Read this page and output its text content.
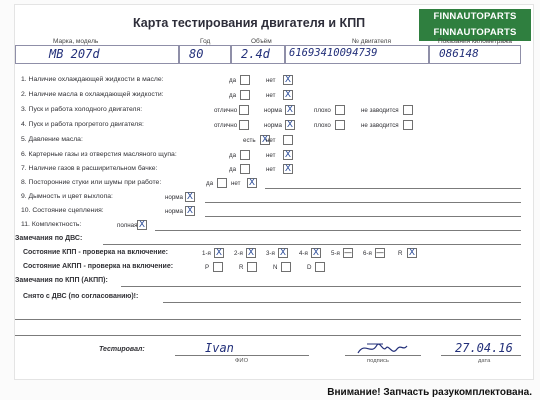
Карта тестирования двигателя и КПП	FINNAUTOPARTS
FINNAUTOPARTS
Марка, модель	Год	Объём	№ двигателя	Показания километража
MB 207d	80	2.4d 61693410094739	086148
1. Наличие охлаждающей жидкости в масле:	да	нет X
2. Наличие масла в охлаждающей жидкости:	да	нет X
3. Пуск и работа холодного двигателя:	отлично	норма X	плохо	не заводится
4. Пуск и работа прогретого двигателя:	отлично	норма X	плохо	не заводится
5. Давление масла:	есть X
нет
6. Картерные газы из отверстия масляного щупа:	да	нет X
7. Наличие газов в расширительном бачке:	да	нет X
8. Посторонние стуки или шумы при работе:	да	нет X
9. Дымность и цвет выхлопа:	норма X
10. Состояние сцепления:	норма X
11. Комплектность:	полная X
Замечания по ДВС:
Состояние КПП - проверка на включение:	1-я X	2-я X	3-я X	4-я X	5-я — 6-я — R X
Состояние АКПП - проверка на включение:	P	R	N	D
Замечания по КПП (АКПП):
Снято с ДВС (по согласованию)!:
Тестировал:	Ivan
ФИО	подпись
27.04.16
дата
Внимание! Запчасть разукомплектована.
